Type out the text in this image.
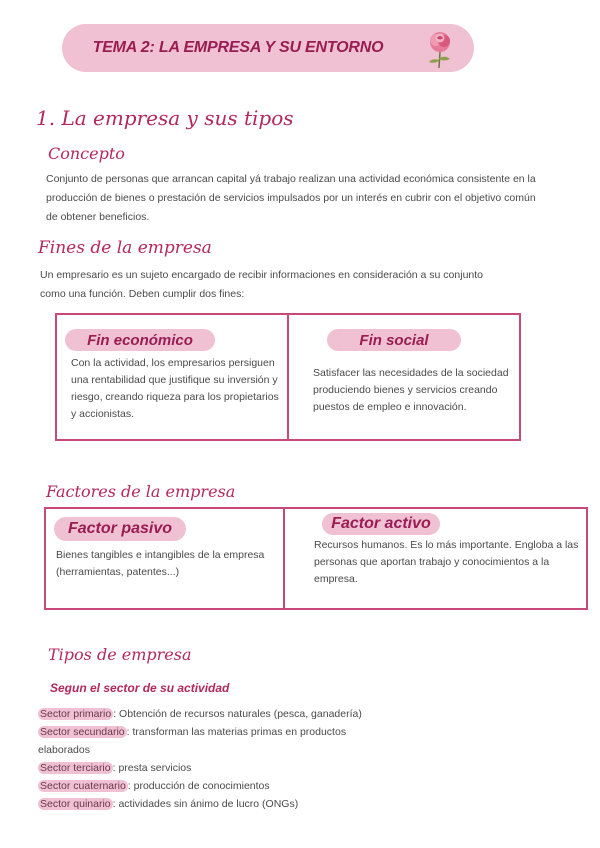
TEMA 2: LA EMPRESA Y SU ENTORNO
1. La empresa y sus tipos
Concepto
Conjunto de personas que arrancan capital yá trabajo realizan una actividad económica consistente en la producción de bienes o prestación de servicios impulsados por un interés en cubrir con el objetivo común de obtener beneficios.
Fines de la empresa
Un empresario es un sujeto encargado de recibir informaciones en consideración a su conjunto como una función. Deben cumplir dos fines:
Fin económico
Con la actividad, los empresarios persiguen una rentabilidad que justifique su inversión y riesgo, creando riqueza para los propietarios y accionistas.
Fin social
Satisfacer las necesidades de la sociedad produciendo bienes y servicios creando puestos de empleo e innovación.
Factores de la empresa
Factor pasivo
Bienes tangibles e intangibles de la empresa (herramientas, patentes...)
Factor activo
Recursos humanos. Es lo más importante. Engloba a las personas que aportan trabajo y conocimientos a la empresa.
Tipos de empresa
Segun el sector de su actividad
Sector primario : Obtención de recursos naturales (pesca, ganadería)
Sector secundario : transforman las materias primas en productos elaborados
Sector terciario : presta servicios
Sector cuaternario : producción de conocimientos
Sector quinario : actividades sin ánimo de lucro (ONGs)
